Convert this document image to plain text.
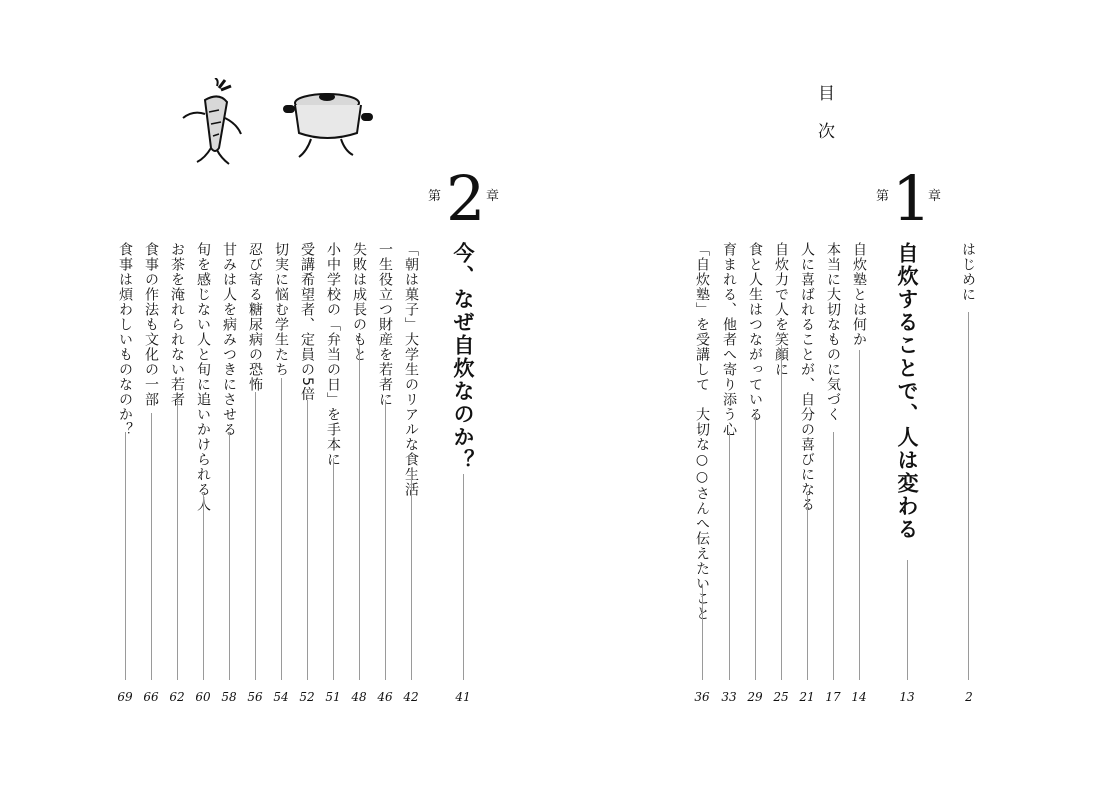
目
次
はじめに
2
第 1
章
自炊することで、人は変わる
13
自炊塾とは何か
14
本当に大切なものに気づく
17
人に喜ばれることが、自分の喜びになる
21
自炊力で人を笑顔に
25
食と人生はつながっている
29
育まれる、他者へ寄り添う心
33
「自炊塾」を受講して　大切な○○さんへ伝えたいこと
36
第 2 章
今、なぜ自炊なのか？
41
「朝は菓子」大学生のリアルな食生活
42
一生役立つ財産を若者に
46
失敗は成長のもと
48
小中学校の「弁当の日」を手本に
51
受講希望者、定員の5倍
52
切実に悩む学生たち
54
忍び寄る糖尿病の恐怖
56
甘みは人を病みつきにさせる
58
旬を感じない人と旬に追いかけられる人
60
お茶を淹れられない若者
62
食事の作法も文化の一部
66
食事は煩わしいものなのか？
69
